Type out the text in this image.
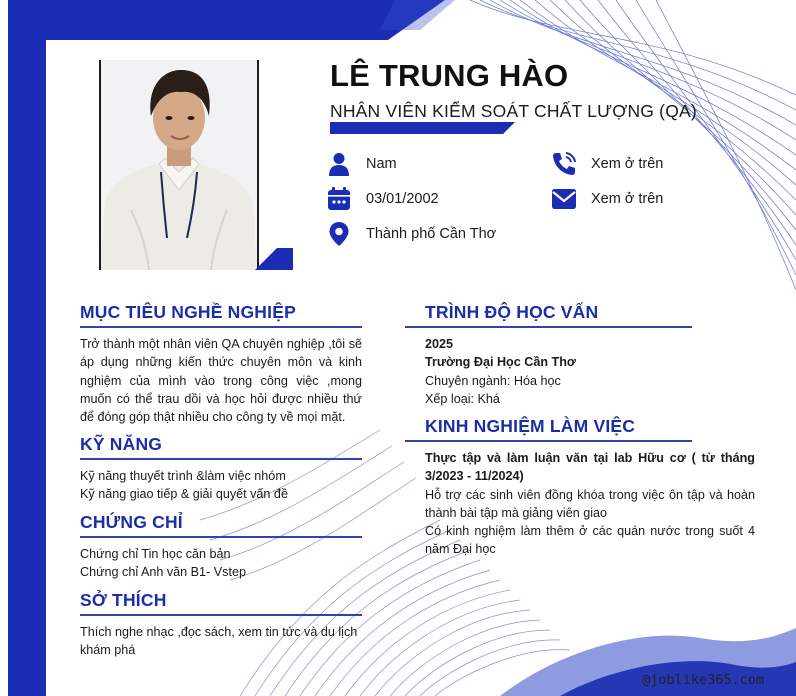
LÊ TRUNG HÀO
NHÂN VIÊN KIỂM SOÁT CHẤT LƯỢNG (QA)
Nam
03/01/2002
Thành phố Cần Thơ
Xem ở trên
Xem ở trên
MỤC TIÊU NGHỀ NGHIỆP
Trở thành một nhân viên QA chuyên nghiệp ,tôi sẽ áp dụng những kiến thức chuyên môn và kinh nghiệm của mình vào trong công việc ,mong muốn có thể trau dồi và học hỏi được nhiều thứ để đóng góp thật nhiều cho công ty về mọi mặt.
KỸ NĂNG
Kỹ năng thuyết trình &làm việc nhóm
Kỹ năng giao tiếp & giải quyết vấn đề
CHỨNG CHỈ
Chứng chỉ Tin học căn bản
Chứng chỉ Anh văn B1- Vstep
SỞ THÍCH
Thích nghe nhạc ,đọc sách, xem tin tức và du lịch khám phá
TRÌNH ĐỘ HỌC VẤN
2025
Trường Đại Học Cần Thơ
Chuyên ngành: Hóa học
Xếp loại: Khá
KINH NGHIỆM LÀM VIỆC
Thực tập và làm luận văn tại lab Hữu cơ ( từ tháng 3/2023 - 11/2024)
Hỗ trợ các sinh viên đồng khóa trong việc ôn tập và hoàn thành bài tập mà giảng viên giao
Có kinh nghiệm làm thêm ở các quán nước trong suốt 4 năm Đại học
@joblike365.com
